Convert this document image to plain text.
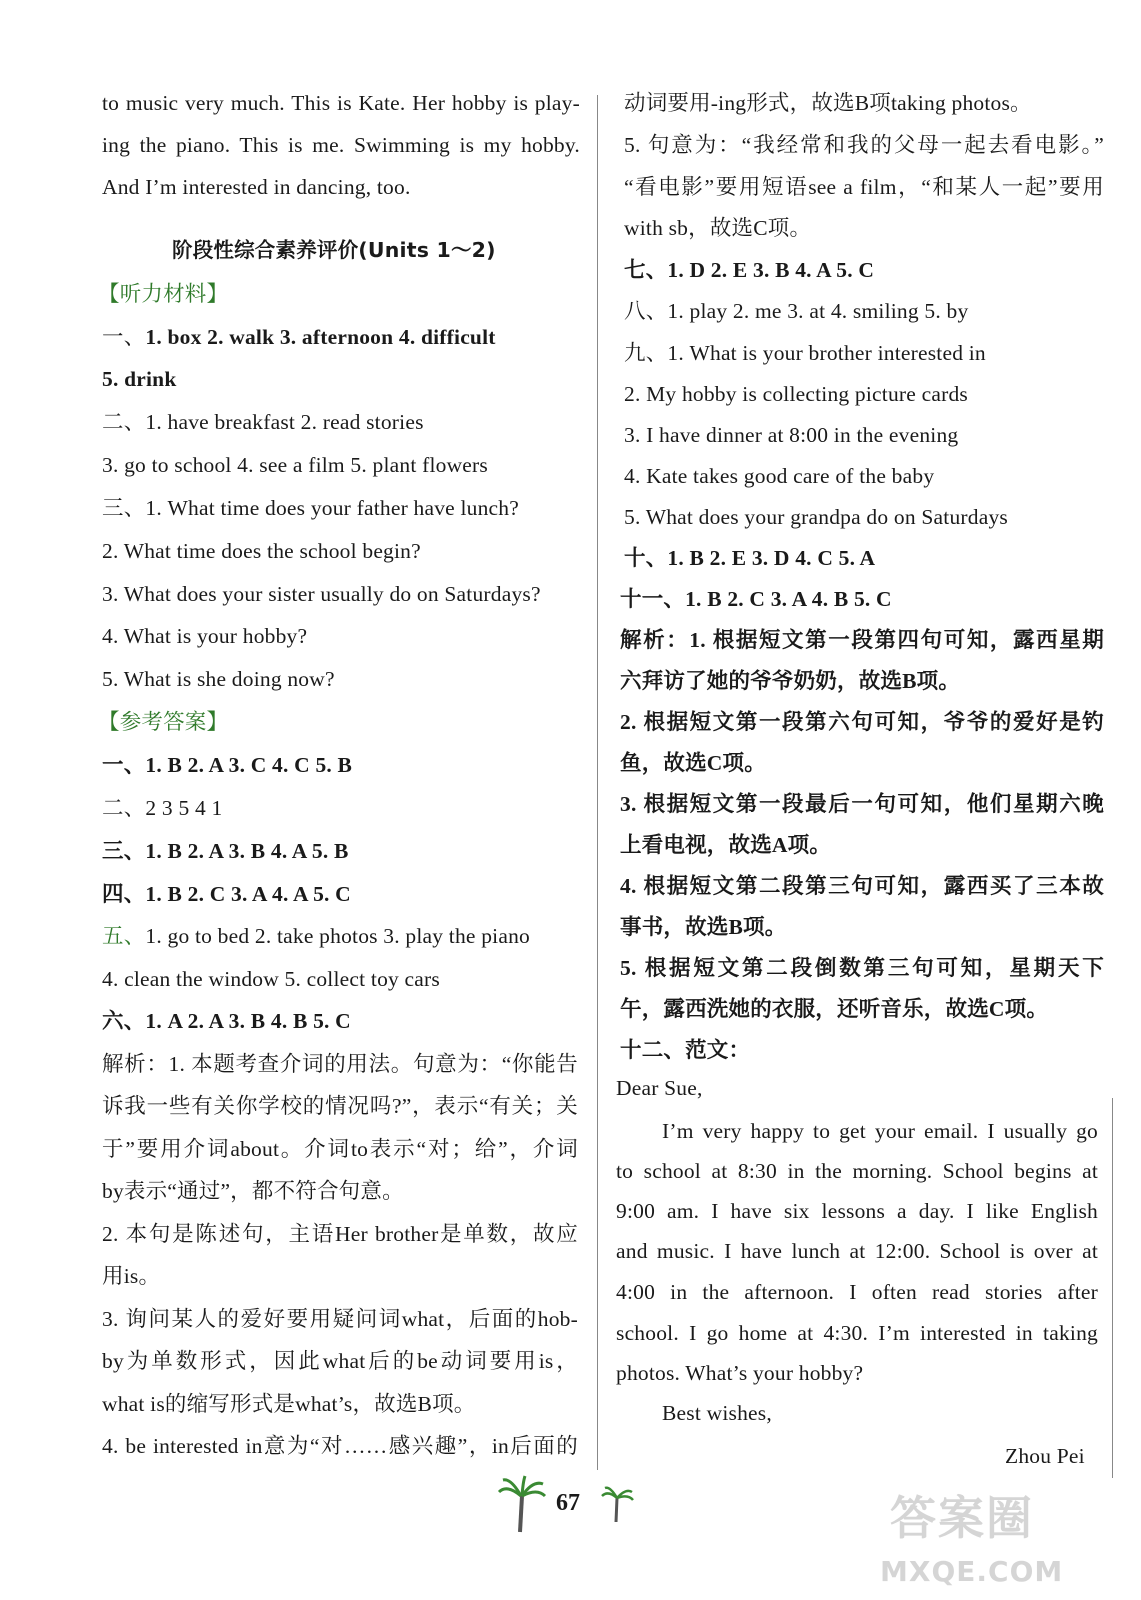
to music very much. This is Kate. Her hobby is play-
ing the piano. This is me. Swimming is my hobby.
And I’m interested in dancing, too.
阶段性综合素养评价(Units 1～2)
【听力材料】
一、1. box 2. walk 3. afternoon 4. difficult
5. drink
二、1. have breakfast 2. read stories
3. go to school 4. see a film 5. plant flowers
三、1. What time does your father have lunch?
2. What time does the school begin?
3. What does your sister usually do on Saturdays?
4. What is your hobby?
5. What is she doing now?
【参考答案】
一、1. B 2. A 3. C 4. C 5. B
二、2 3 5 4 1
三、1. B 2. A 3. B 4. A 5. B
四、1. B 2. C 3. A 4. A 5. C
五、1. go to bed 2. take photos 3. play the piano
4. clean the window 5. collect toy cars
六、1. A 2. A 3. B 4. B 5. C
解析：1. 本题考查介词的用法。句意为：“你能告
诉我一些有关你学校的情况吗?”，表示“有关；关
于”要用介词about。介词to表示“对；给”，介词
by表示“通过”，都不符合句意。
2. 本句是陈述句，主语Her brother是单数，故应
用is。
3. 询问某人的爱好要用疑问词what，后面的hob-
by为单数形式，因此what后的be动词要用is，
what is的缩写形式是what’s，故选B项。
4. be interested in意为“对……感兴趣”，in后面的
动词要用-ing形式，故选B项taking photos。
5. 句意为：“我经常和我的父母一起去看电影。”
“看电影”要用短语see a film，“和某人一起”要用
with sb，故选C项。
七、1. D 2. E 3. B 4. A 5. C
八、1. play 2. me 3. at 4. smiling 5. by
九、1. What is your brother interested in
2. My hobby is collecting picture cards
3. I have dinner at 8:00 in the evening
4. Kate takes good care of the baby
5. What does your grandpa do on Saturdays
十、1. B 2. E 3. D 4. C 5. A
十一、1. B 2. C 3. A 4. B 5. C
解析：1. 根据短文第一段第四句可知，露西星期
六拜访了她的爷爷奶奶，故选B项。
2. 根据短文第一段第六句可知，爷爷的爱好是钓
鱼，故选C项。
3. 根据短文第一段最后一句可知，他们星期六晚
上看电视，故选A项。
4. 根据短文第二段第三句可知，露西买了三本故
事书，故选B项。
5. 根据短文第二段倒数第三句可知，星期天下
午，露西洗她的衣服，还听音乐，故选C项。
十二、范文：
Dear Sue,
I’m very happy to get your email. I usually go
to school at 8:30 in the morning. School begins at
9:00 am. I have six lessons a day. I like English
and music. I have lunch at 12:00. School is over at
4:00 in the afternoon. I often read stories after
school. I go home at 4:30. I’m interested in taking
photos. What’s your hobby?
Best wishes,
Zhou Pei
67	答案圈
MXQE.COM
